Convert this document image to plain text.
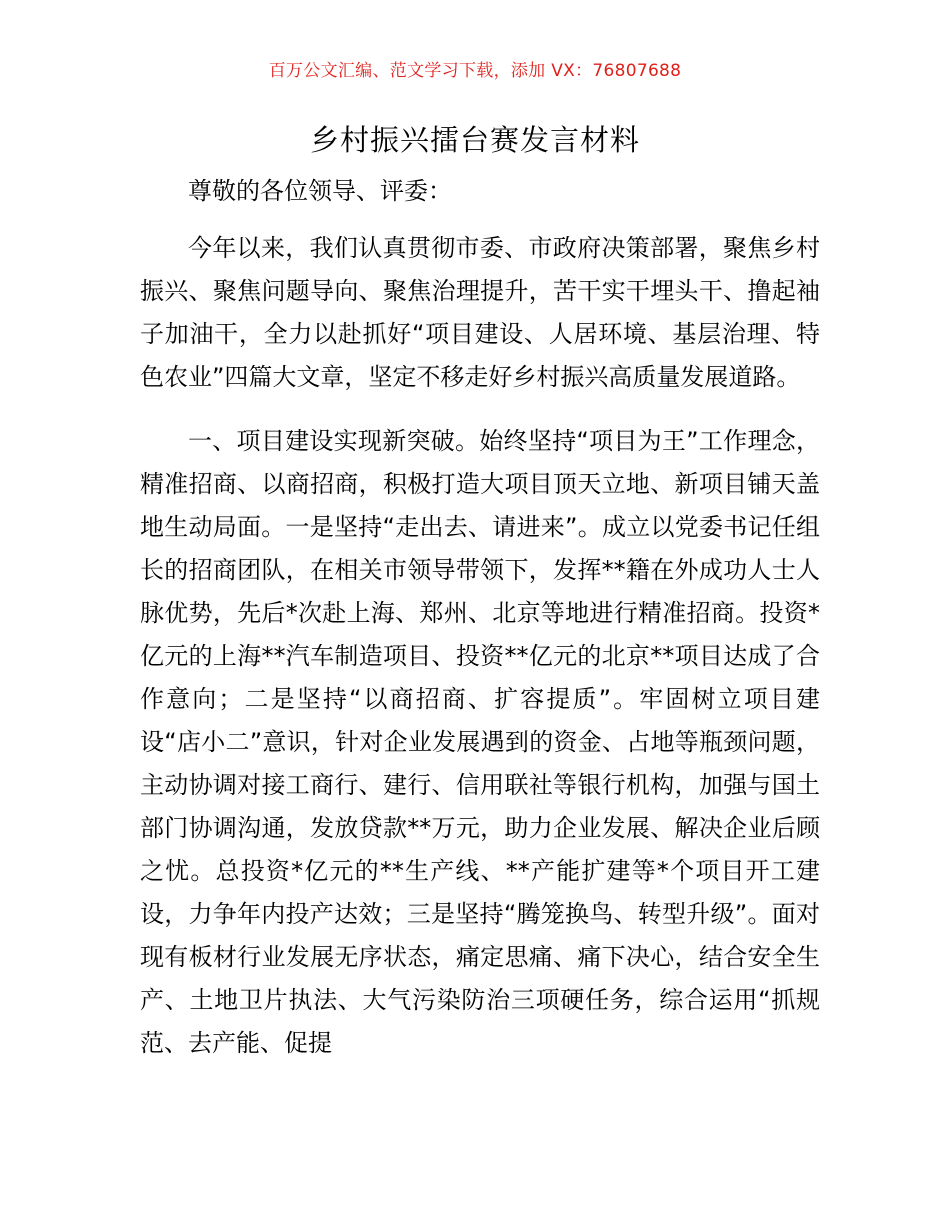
百万公文汇编、范文学习下载，添加 VX：76807688
乡村振兴擂台赛发言材料
尊敬的各位领导、评委：

今年以来，我们认真贯彻市委、市政府决策部署，聚焦乡村振兴、聚焦问题导向、聚焦治理提升，苦干实干埋头干、撸起袖子加油干，全力以赴抓好“项目建设、人居环境、基层治理、特色农业”四篇大文章，坚定不移走好乡村振兴高质量发展道路。

一、项目建设实现新突破。始终坚持“项目为王”工作理念，精准招商、以商招商，积极打造大项目顶天立地、新项目铺天盖地生动局面。一是坚持“走出去、请进来”。成立以党委书记任组长的招商团队，在相关市领导带领下，发挥**籍在外成功人士人脉优势，先后*次赴上海、郑州、北京等地进行精准招商。投资*亿元的上海**汽车制造项目、投资**亿元的北京**项目达成了合作意向；二是坚持“以商招商、扩容提质”。牢固树立项目建设“店小二”意识，针对企业发展遇到的资金、占地等瓶颈问题，主动协调对接工商行、建行、信用联社等银行机构，加强与国土部门协调沟通，发放贷款**万元，助力企业发展、解决企业后顾之忧。总投资*亿元的**生产线、**产能扩建等*个项目开工建设，力争年内投产达效；三是坚持“腾笼换鸟、转型升级”。面对现有板材行业发展无序状态，痛定思痛、痛下决心，结合安全生产、土地卫片执法、大气污染防治三项硬任务，综合运用“抓规范、去产能、促提
